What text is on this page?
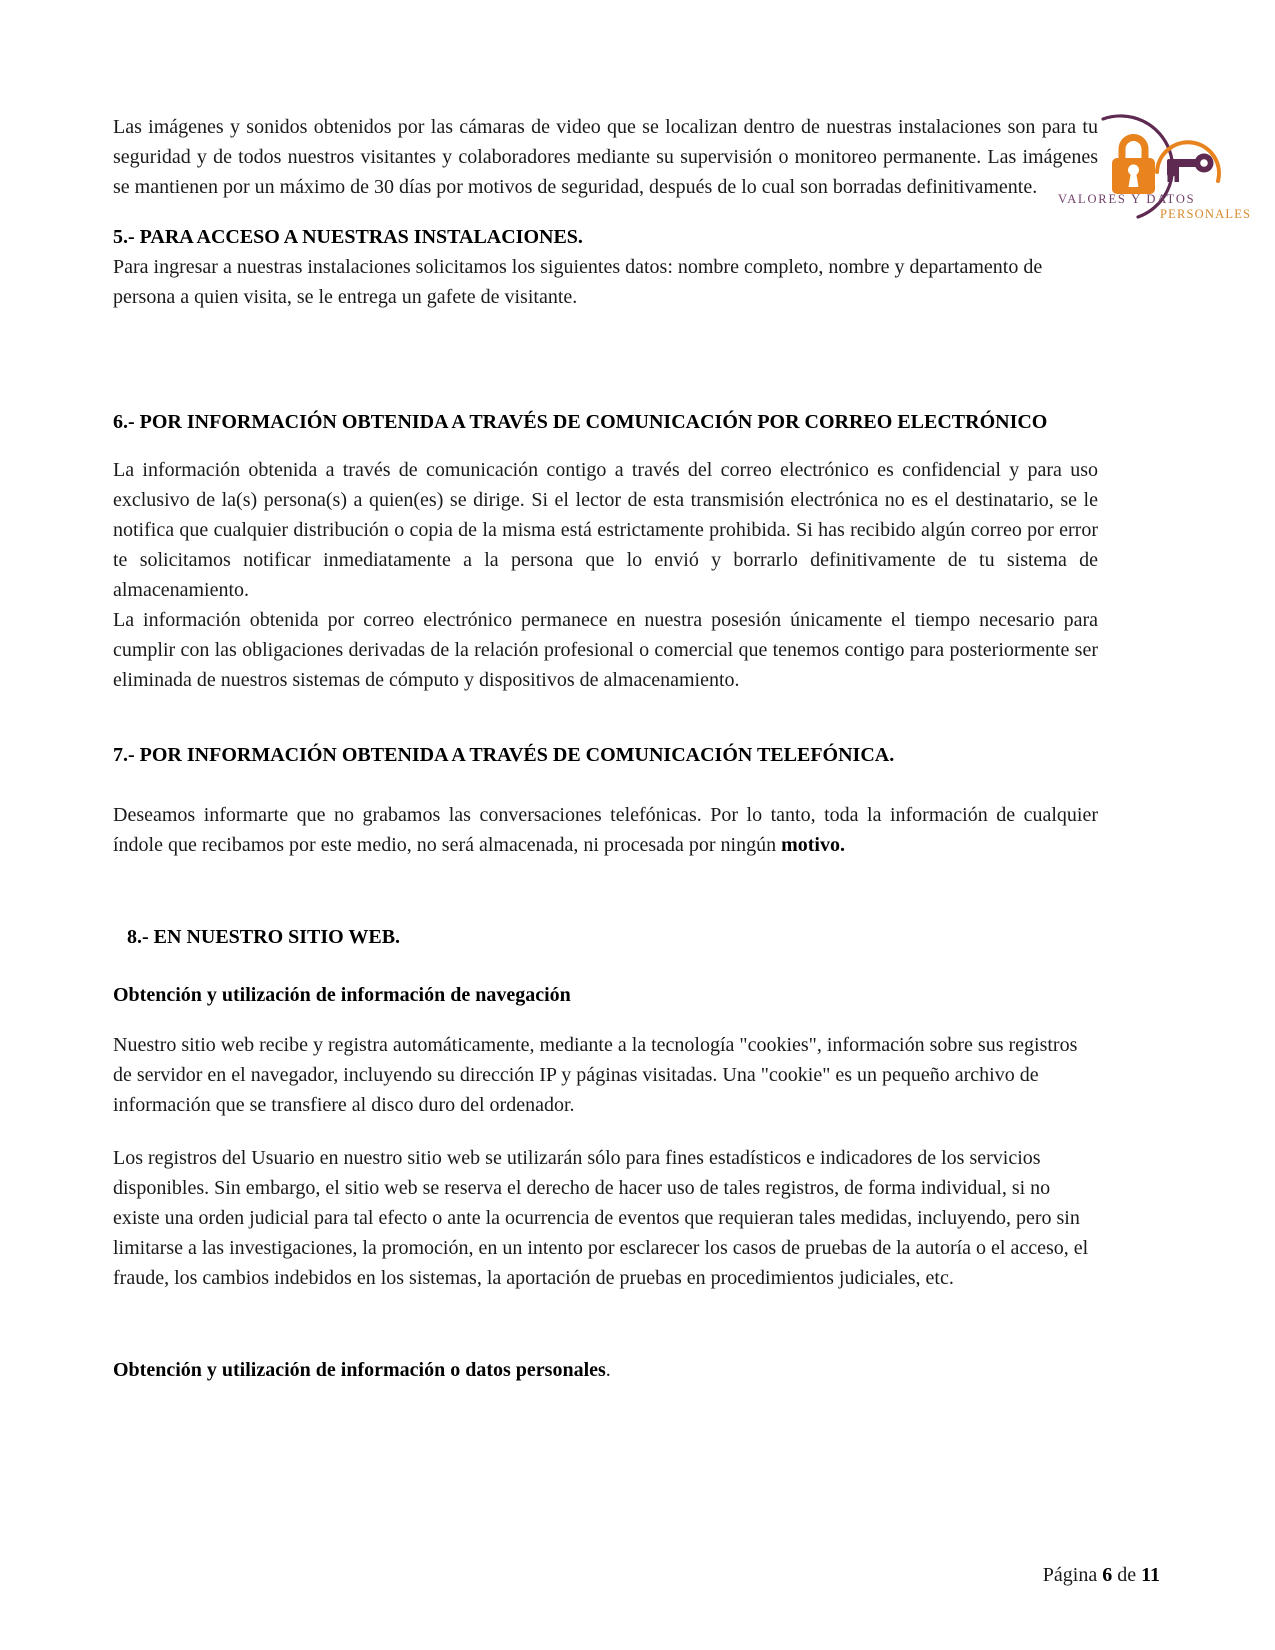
VALORES Y DATOS
PERSONALES

Las imágenes y sonidos obtenidos por las cámaras de video que se localizan dentro de nuestras instalaciones son para tu seguridad y de todos nuestros visitantes y colaboradores mediante su supervisión o monitoreo permanente. Las imágenes se mantienen por un máximo de 30 días por motivos de seguridad, después de lo cual son borradas definitivamente.

5.- PARA ACCESO A NUESTRAS INSTALACIONES.

Para ingresar a nuestras instalaciones solicitamos los siguientes datos: nombre completo, nombre y departamento de persona a quien visita, se le entrega un gafete de visitante.

6.- POR INFORMACIÓN OBTENIDA A TRAVÉS DE COMUNICACIÓN POR CORREO ELECTRÓNICO

La información obtenida a través de comunicación contigo a través del correo electrónico es confidencial y para uso exclusivo de la(s) persona(s) a quien(es) se dirige. Si el lector de esta transmisión electrónica no es el destinatario, se le notifica que cualquier distribución o copia de la misma está estrictamente prohibida. Si has recibido algún correo por error te solicitamos notificar inmediatamente a la persona que lo envió y borrarlo definitivamente de tu sistema de almacenamiento.

La información obtenida por correo electrónico permanece en nuestra posesión únicamente el tiempo necesario para cumplir con las obligaciones derivadas de la relación profesional o comercial que tenemos contigo para posteriormente ser eliminada de nuestros sistemas de cómputo y dispositivos de almacenamiento.

7.- POR INFORMACIÓN OBTENIDA A TRAVÉS DE COMUNICACIÓN TELEFÓNICA.

Deseamos informarte que no grabamos las conversaciones telefónicas. Por lo tanto, toda la información de cualquier índole que recibamos por este medio, no será almacenada, ni procesada por ningún motivo.

8.- EN NUESTRO SITIO WEB.

Obtención y utilización de información de navegación

Nuestro sitio web recibe y registra automáticamente, mediante a la tecnología "cookies", información sobre sus registros de servidor en el navegador, incluyendo su dirección IP y páginas visitadas. Una "cookie" es un pequeño archivo de información que se transfiere al disco duro del ordenador.

Los registros del Usuario en nuestro sitio web se utilizarán sólo para fines estadísticos e indicadores de los servicios disponibles. Sin embargo, el sitio web se reserva el derecho de hacer uso de tales registros, de forma individual, si no existe una orden judicial para tal efecto o ante la ocurrencia de eventos que requieran tales medidas, incluyendo, pero sin limitarse a las investigaciones, la promoción, en un intento por esclarecer los casos de pruebas de la autoría o el acceso, el fraude, los cambios indebidos en los sistemas, la aportación de pruebas en procedimientos judiciales, etc.

Obtención y utilización de información o datos personales.

Página 6 de 11
